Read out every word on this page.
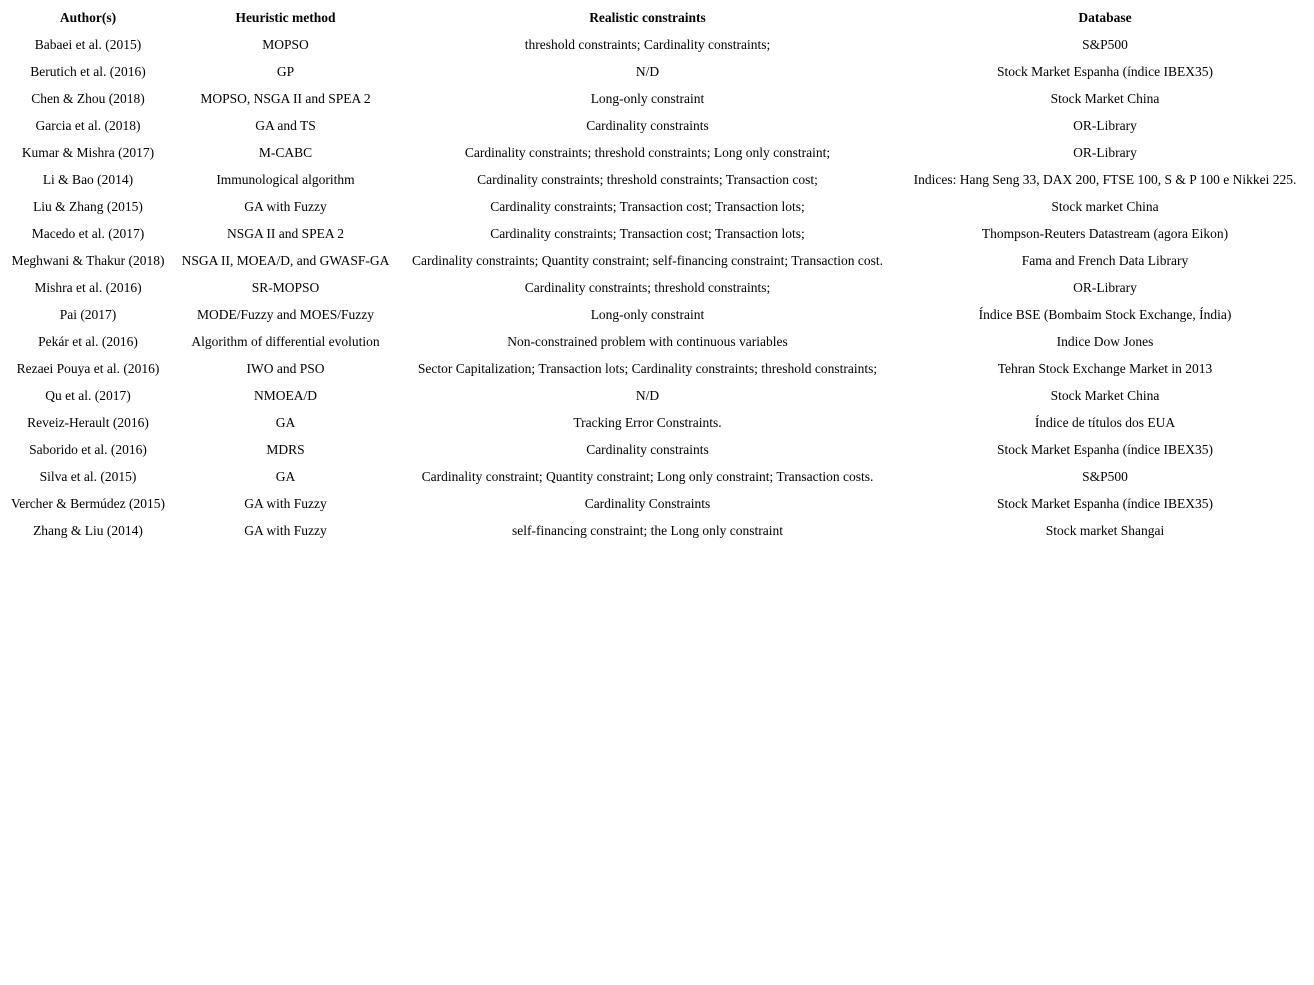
Author(s)	Heuristic method	Realistic constraints	Database
Babaei et al. (2015)	MOPSO	threshold constraints; Cardinality constraints;	S&P500
Berutich et al. (2016)	GP	N/D	Stock Market Espanha (índice IBEX35)
Chen & Zhou (2018)	MOPSO, NSGA II and SPEA 2	Long-only constraint	Stock Market China
Garcia et al. (2018)	GA and TS	Cardinality constraints	OR-Library
Kumar & Mishra (2017)	M-CABC	Cardinality constraints; threshold constraints; Long only constraint;	OR-Library
Li & Bao (2014)	Immunological algorithm	Cardinality constraints; threshold constraints; Transaction cost;	Indices: Hang Seng 33, DAX 200, FTSE 100, S & P 100 e Nikkei 225.
Liu & Zhang (2015)	GA with Fuzzy	Cardinality constraints; Transaction cost; Transaction lots;	Stock market China
Macedo et al. (2017)	NSGA II and SPEA 2	Cardinality constraints; Transaction cost; Transaction lots;	Thompson-Reuters Datastream (agora Eikon)
Meghwani & Thakur (2018)	NSGA II, MOEA/D, and GWASF-GA	Cardinality constraints; Quantity constraint; self-financing constraint; Transaction cost.	Fama and French Data Library
Mishra et al. (2016)	SR-MOPSO	Cardinality constraints; threshold constraints;	OR-Library
Pai (2017)	MODE/Fuzzy and MOES/Fuzzy	Long-only constraint	Índice BSE (Bombaim Stock Exchange, Índia)
Pekár et al. (2016)	Algorithm of differential evolution	Non-constrained problem with continuous variables	Indice Dow Jones
Rezaei Pouya et al. (2016)	IWO and PSO	Sector Capitalization; Transaction lots; Cardinality constraints; threshold constraints;	Tehran Stock Exchange Market in 2013
Qu et al. (2017)	NMOEA/D	N/D	Stock Market China
Reveiz-Herault (2016)	GA	Tracking Error Constraints.	Índice de títulos dos EUA
Saborido et al. (2016)	MDRS	Cardinality constraints	Stock Market Espanha (índice IBEX35)
Silva et al. (2015)	GA	Cardinality constraint; Quantity constraint; Long only constraint; Transaction costs.	S&P500
Vercher & Bermúdez (2015)	GA with Fuzzy	Cardinality Constraints	Stock Market Espanha (índice IBEX35)
Zhang & Liu (2014)	GA with Fuzzy	self-financing constraint; the Long only constraint	Stock market Shangai
